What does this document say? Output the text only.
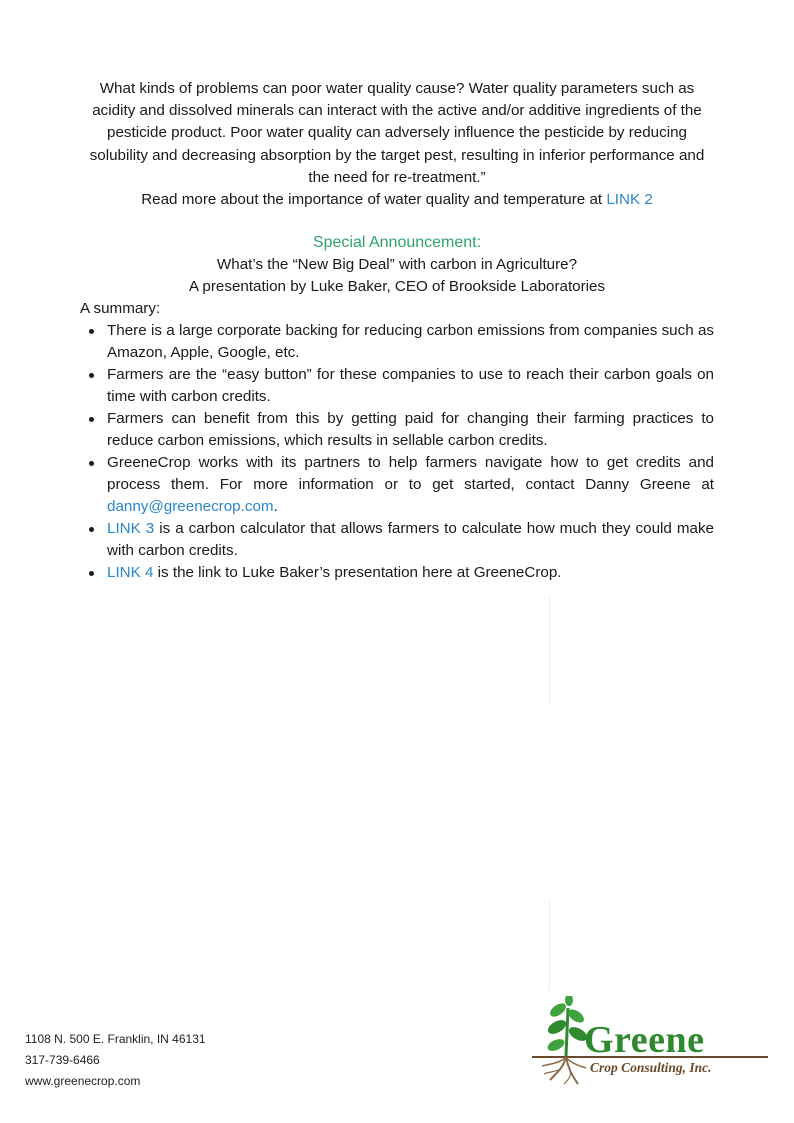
What kinds of problems can poor water quality cause? Water quality parameters such as acidity and dissolved minerals can interact with the active and/or additive ingredients of the pesticide product. Poor water quality can adversely influence the pesticide by reducing solubility and decreasing absorption by the target pest, resulting in inferior performance and the need for re-treatment.”
Read more about the importance of water quality and temperature at LINK 2
Special Announcement:
What’s the “New Big Deal” with carbon in Agriculture?
A presentation by Luke Baker, CEO of Brookside Laboratories
A summary:
There is a large corporate backing for reducing carbon emissions from companies such as Amazon, Apple, Google, etc.
Farmers are the “easy button” for these companies to use to reach their carbon goals on time with carbon credits.
Farmers can benefit from this by getting paid for changing their farming practices to reduce carbon emissions, which results in sellable carbon credits.
GreeneCrop works with its partners to help farmers navigate how to get credits and process them. For more information or to get started, contact Danny Greene at danny@greenecrop.com.
LINK 3 is a carbon calculator that allows farmers to calculate how much they could make with carbon credits.
LINK 4 is the link to Luke Baker’s presentation here at GreeneCrop.
1108 N. 500 E. Franklin, IN 46131
317-739-6466
www.greenecrop.com
Greene
Crop Consulting, Inc.
